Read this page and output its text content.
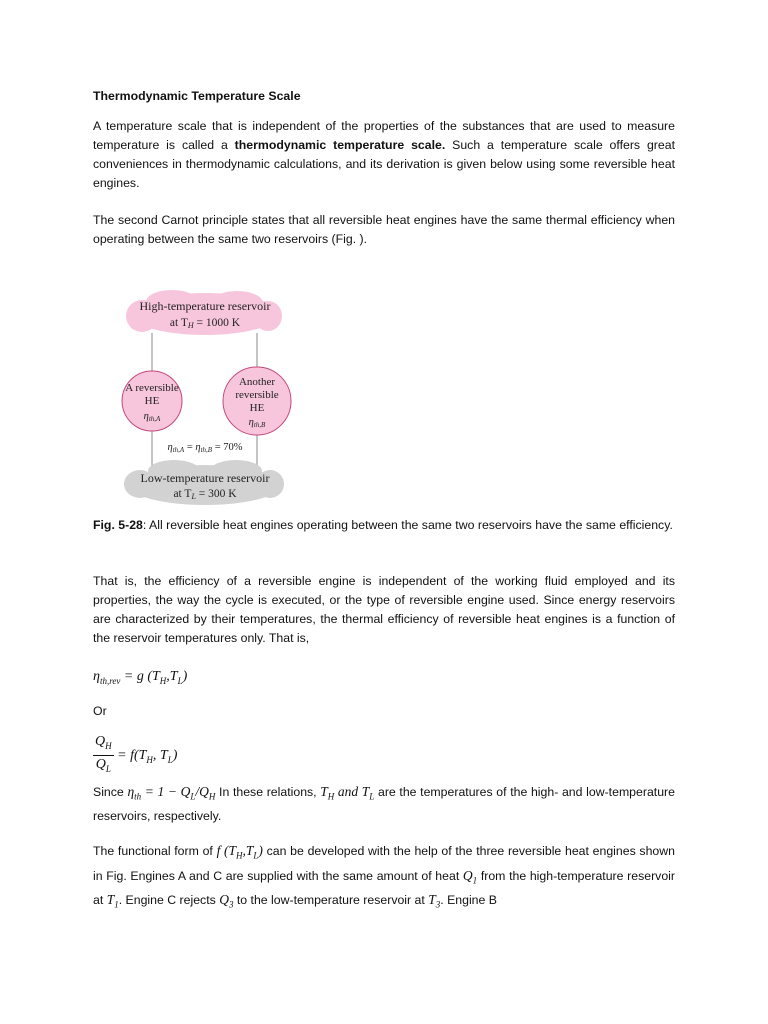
Thermodynamic Temperature Scale
A temperature scale that is independent of the properties of the substances that are used to measure temperature is called a thermodynamic temperature scale. Such a temperature scale offers great conveniences in thermodynamic calculations, and its derivation is given below using some reversible heat engines.
The second Carnot principle states that all reversible heat engines have the same thermal efficiency when operating between the same two reservoirs (Fig. ).
High-temperature reservoir
at TH = 1000 K
A reversible
HE
ηth,A
Another
reversible
HE
ηth,B
ηth,A = ηth,B = 70%
Low-temperature reservoir
at TL = 300 K
Fig. 5-28: All reversible heat engines operating between the same two reservoirs have the same efficiency.
That is, the efficiency of a reversible engine is independent of the working fluid employed and its properties, the way the cycle is executed, or the type of reversible engine used. Since energy reservoirs are characterized by their temperatures, the thermal efficiency of reversible heat engines is a function of the reservoir temperatures only. That is,
$\eta_{th,rev} = g$ $(T_H,T_L)$
Or
$\frac{Q_H}{Q_L} = f(T_H$, $T_L$)
Since $\eta_{th} = 1 - Q_L/Q_H$ In these relations, $T_H$ and $T_L$ are the temperatures of the high- and low-temperature reservoirs, respectively.
The functional form of f $(T_H,T_L)$ can be developed with the help of the three reversible heat engines shown in Fig. Engines A and C are supplied with the same amount of heat $Q_1$ from the high-temperature reservoir at $T_1$. Engine C rejects $Q_3$ to the low-temperature reservoir at $T_3$. Engine B
